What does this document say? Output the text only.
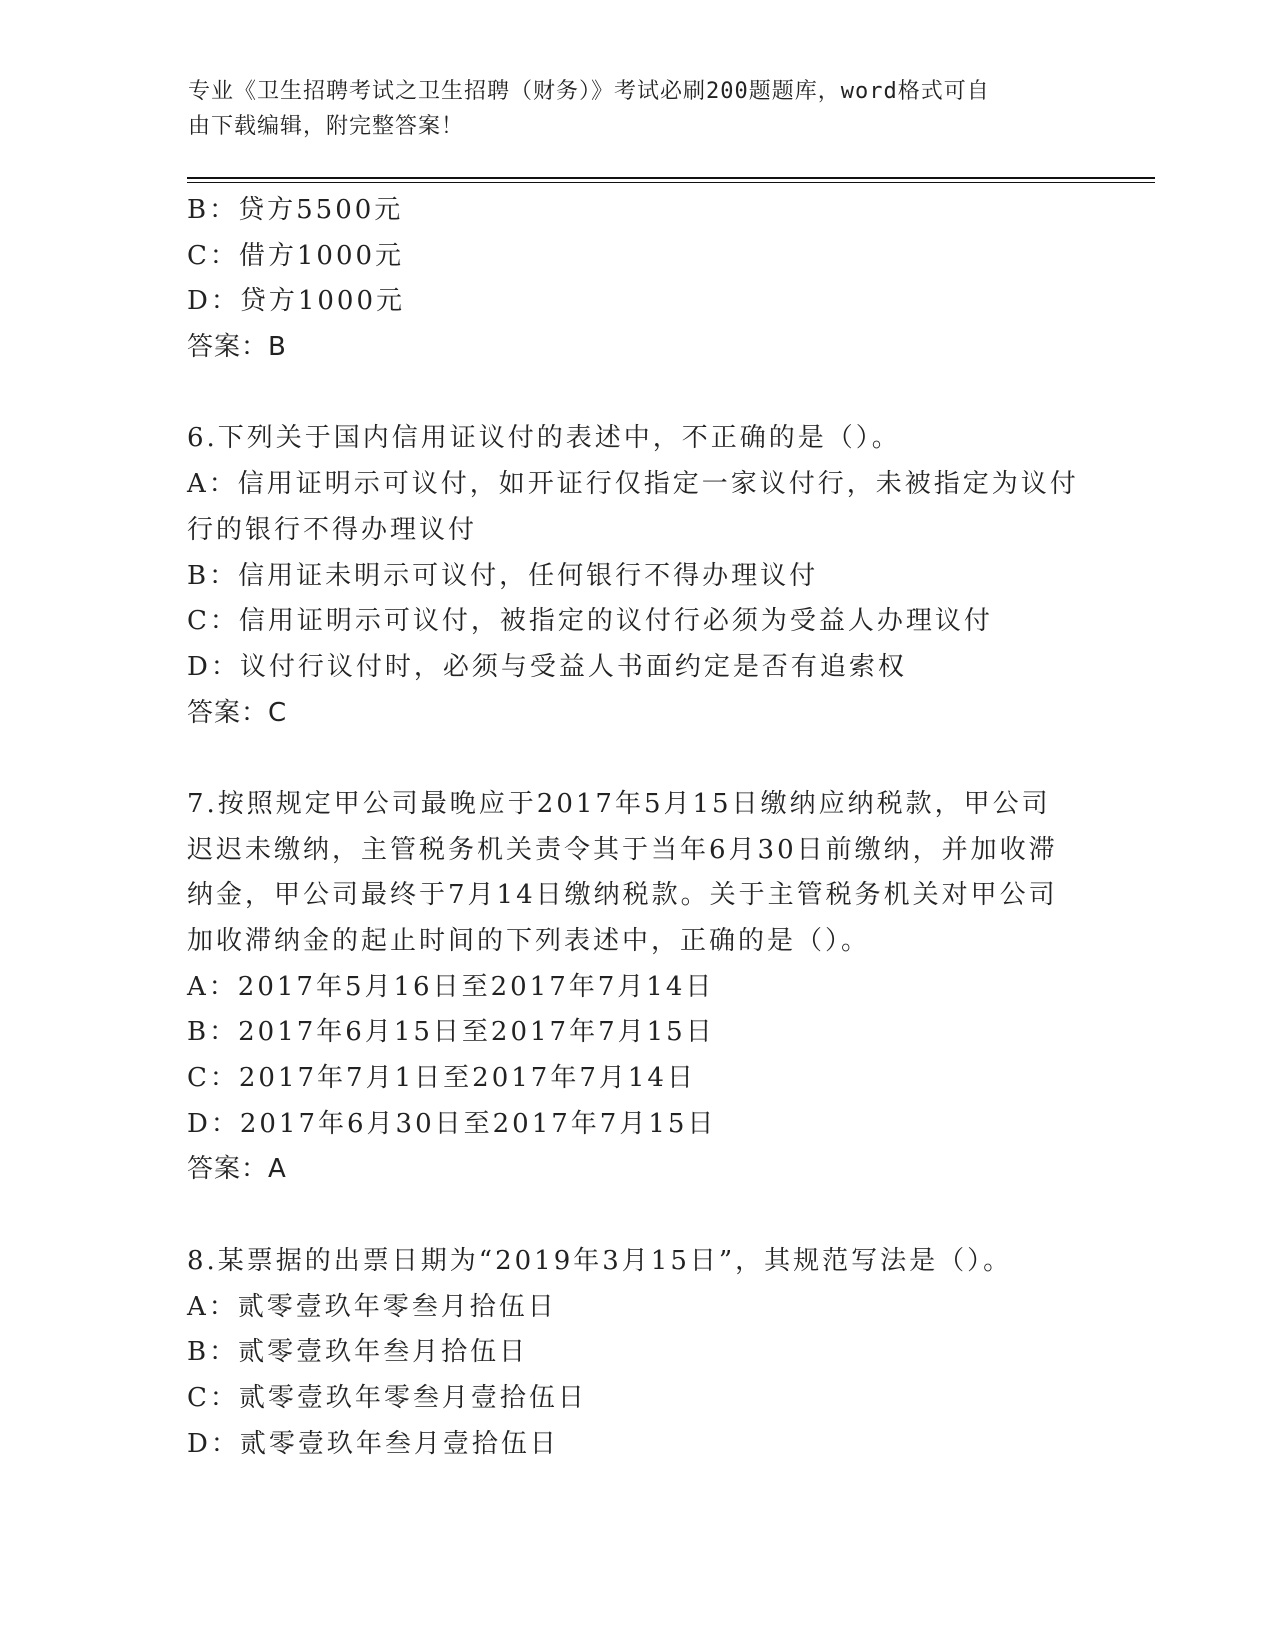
专业《卫生招聘考试之卫生招聘（财务）》考试必刷200题题库，word格式可自
由下载编辑，附完整答案！
B：贷方5500元
C：借方1000元
D：贷方1000元
答案：B
6.下列关于国内信用证议付的表述中，不正确的是（）。
A：信用证明示可议付，如开证行仅指定一家议付行，未被指定为议付
行的银行不得办理议付
B：信用证未明示可议付，任何银行不得办理议付
C：信用证明示可议付，被指定的议付行必须为受益人办理议付
D：议付行议付时，必须与受益人书面约定是否有追索权
答案：C
7.按照规定甲公司最晚应于2017年5月15日缴纳应纳税款，甲公司
迟迟未缴纳，主管税务机关责令其于当年6月30日前缴纳，并加收滞
纳金，甲公司最终于7月14日缴纳税款。关于主管税务机关对甲公司
加收滞纳金的起止时间的下列表述中，正确的是（）。
A：2017年5月16日至2017年7月14日
B：2017年6月15日至2017年7月15日
C：2017年7月1日至2017年7月14日
D：2017年6月30日至2017年7月15日
答案：A
8.某票据的出票日期为“2019年3月15日”，其规范写法是（）。
A：贰零壹玖年零叁月拾伍日
B：贰零壹玖年叁月拾伍日
C：贰零壹玖年零叁月壹拾伍日
D：贰零壹玖年叁月壹拾伍日
